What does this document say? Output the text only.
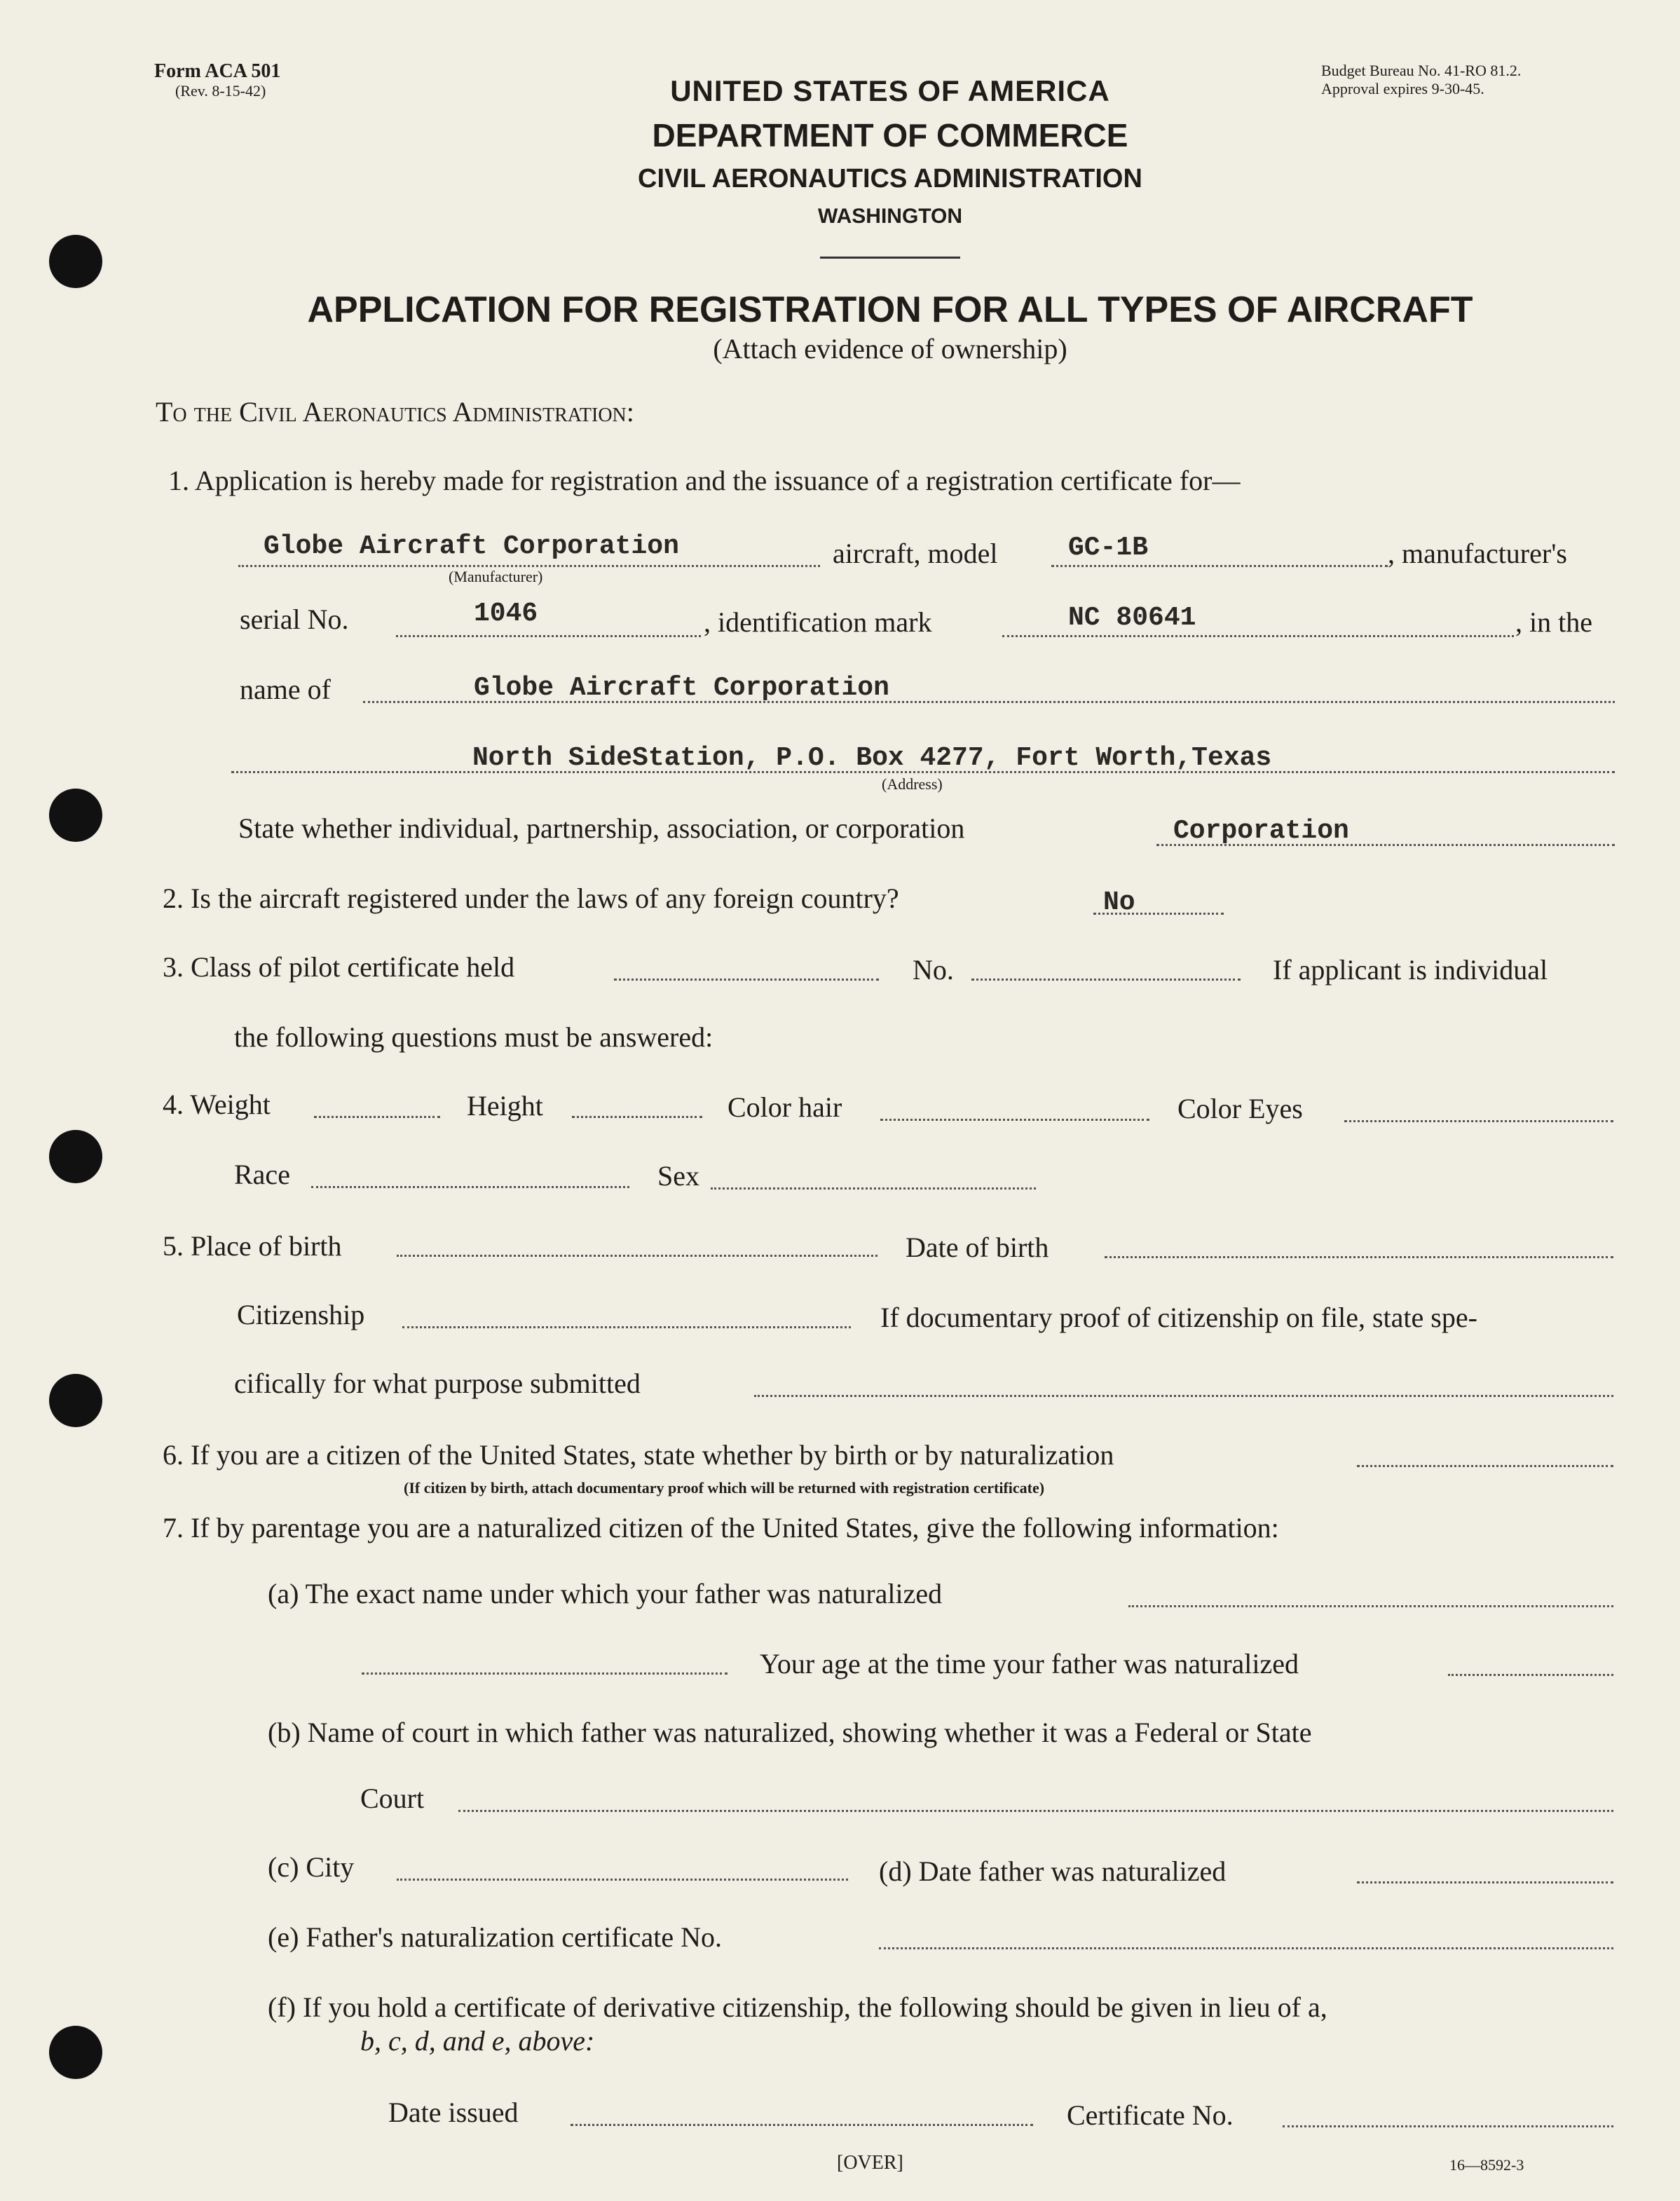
Form ACA 501
(Rev. 8-15-42)
Budget Bureau No. 41-RO 81.2.
Approval expires 9-30-45.
UNITED STATES OF AMERICA
DEPARTMENT OF COMMERCE
CIVIL AERONAUTICS ADMINISTRATION
WASHINGTON
APPLICATION FOR REGISTRATION FOR ALL TYPES OF AIRCRAFT
(Attach evidence of ownership)
To the Civil Aeronautics Administration:
1. Application is hereby made for registration and the issuance of a registration certificate for—
Globe Aircraft Corporation
(Manufacturer)
aircraft, model	GC-1B	, manufacturer's
serial No.	1046	, identification mark	NC 80641	, in the
name of	Globe Aircraft Corporation
North SideStation, P.O. Box 4277, Fort Worth,Texas
(Address)
State whether individual, partnership, association, or corporation	Corporation
2. Is the aircraft registered under the laws of any foreign country?	No
3. Class of pilot certificate held	No.	If applicant is individual
the following questions must be answered:
4. Weight	Height	Color hair	Color Eyes
Race	Sex
5. Place of birth	Date of birth
Citizenship	If documentary proof of citizenship on file, state spe-
cifically for what purpose submitted
6. If you are a citizen of the United States, state whether by birth or by naturalization
(If citizen by birth, attach documentary proof which will be returned with registration certificate)
7. If by parentage you are a naturalized citizen of the United States, give the following information:
(a) The exact name under which your father was naturalized
Your age at the time your father was naturalized
(b) Name of court in which father was naturalized, showing whether it was a Federal or State
Court
(c) City	(d) Date father was naturalized
(e) Father's naturalization certificate No.
(f) If you hold a certificate of derivative citizenship, the following should be given in lieu of a,
b, c, d, and e, above:
Date issued	Certificate No.
[OVER]	16—8592-3
